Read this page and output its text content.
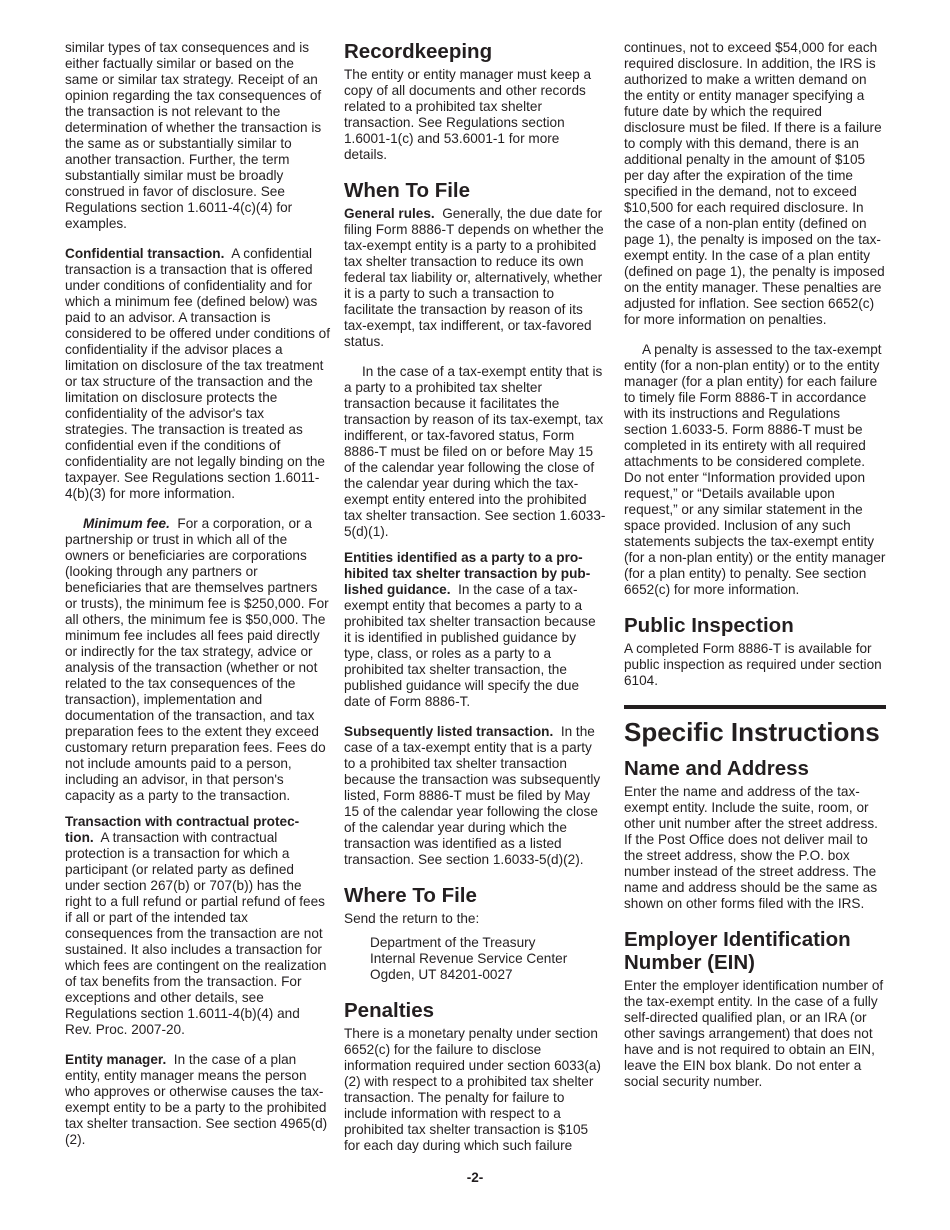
similar types of tax consequences and is either factually similar or based on the same or similar tax strategy. Receipt of an opinion regarding the tax consequences of the transaction is not relevant to the determination of whether the transaction is the same as or substantially similar to another transaction. Further, the term substantially similar must be broadly construed in favor of disclosure. See Regulations section 1.6011-4(c)(4) for examples.

Confidential transaction. A confidential transaction is a transaction that is offered under conditions of confidentiality and for which a minimum fee (defined below) was paid to an advisor. A transaction is considered to be offered under conditions of confidentiality if the advisor places a limitation on disclosure of the tax treatment or tax structure of the transaction and the limitation on disclosure protects the confidentiality of the advisor's tax strategies. The transaction is treated as confidential even if the conditions of confidentiality are not legally binding on the taxpayer. See Regulations section 1.6011-4(b)(3) for more information.

Minimum fee. For a corporation, or a partnership or trust in which all of the owners or beneficiaries are corporations (looking through any partners or beneficiaries that are themselves partners or trusts), the minimum fee is $250,000. For all others, the minimum fee is $50,000. The minimum fee includes all fees paid directly or indirectly for the tax strategy, advice or analysis of the transaction (whether or not related to the tax consequences of the transaction), implementation and documentation of the transaction, and tax preparation fees to the extent they exceed customary return preparation fees. Fees do not include amounts paid to a person, including an advisor, in that person's capacity as a party to the transaction.

Transaction with contractual protec-tion. A transaction with contractual protection is a transaction for which a participant (or related party as defined under section 267(b) or 707(b)) has the right to a full refund or partial refund of fees if all or part of the intended tax consequences from the transaction are not sustained. It also includes a transaction for which fees are contingent on the realization of tax benefits from the transaction. For exceptions and other details, see Regulations section 1.6011-4(b)(4) and Rev. Proc. 2007-20.

Entity manager. In the case of a plan entity, entity manager means the person who approves or otherwise causes the tax-exempt entity to be a party to the prohibited tax shelter transaction. See section 4965(d)(2).

Recordkeeping

The entity or entity manager must keep a copy of all documents and other records related to a prohibited tax shelter transaction. See Regulations section 1.6001-1(c) and 53.6001-1 for more details.

When To File

General rules. Generally, the due date for filing Form 8886-T depends on whether the tax-exempt entity is a party to a prohibited tax shelter transaction to reduce its own federal tax liability or, alternatively, whether it is a party to such a transaction to facilitate the transaction by reason of its tax-exempt, tax indifferent, or tax-favored status.

In the case of a tax-exempt entity that is a party to a prohibited tax shelter transaction because it facilitates the transaction by reason of its tax-exempt, tax indifferent, or tax-favored status, Form 8886-T must be filed on or before May 15 of the calendar year following the close of the calendar year during which the tax-exempt entity entered into the prohibited tax shelter transaction. See section 1.6033-5(d)(1).

Entities identified as a party to a pro-hibited tax shelter transaction by pub-lished guidance. In the case of a tax-exempt entity that becomes a party to a prohibited tax shelter transaction because it is identified in published guidance by type, class, or roles as a party to a prohibited tax shelter transaction, the published guidance will specify the due date of Form 8886-T.

Subsequently listed transaction. In the case of a tax-exempt entity that is a party to a prohibited tax shelter transaction because the transaction was subsequently listed, Form 8886-T must be filed by May 15 of the calendar year following the close of the calendar year during which the transaction was identified as a listed transaction. See section 1.6033-5(d)(2).

Where To File

Send the return to the:

Department of the Treasury
Internal Revenue Service Center
Ogden, UT 84201-0027
Penalties

There is a monetary penalty under section 6652(c) for the failure to disclose information required under section 6033(a)(2) with respect to a prohibited tax shelter transaction. The penalty for failure to include information with respect to a prohibited tax shelter transaction is $105 for each day during which such failure

continues, not to exceed $54,000 for each required disclosure. In addition, the IRS is authorized to make a written demand on the entity or entity manager specifying a future date by which the required disclosure must be filed. If there is a failure to comply with this demand, there is an additional penalty in the amount of $105 per day after the expiration of the time specified in the demand, not to exceed $10,500 for each required disclosure. In the case of a non-plan entity (defined on page 1), the penalty is imposed on the tax-exempt entity. In the case of a plan entity (defined on page 1), the penalty is imposed on the entity manager. These penalties are adjusted for inflation. See section 6652(c) for more information on penalties.

A penalty is assessed to the tax-exempt entity (for a non-plan entity) or to the entity manager (for a plan entity) for each failure to timely file Form 8886-T in accordance with its instructions and Regulations section 1.6033-5. Form 8886-T must be completed in its entirety with all required attachments to be considered complete. Do not enter “Information provided upon request,” or “Details available upon request,” or any similar statement in the space provided. Inclusion of any such statements subjects the tax-exempt entity (for a non-plan entity) or the entity manager (for a plan entity) to penalty. See section 6652(c) for more information.

Public Inspection

A completed Form 8886-T is available for public inspection as required under section 6104.

Specific Instructions
Name and Address

Enter the name and address of the tax-exempt entity. Include the suite, room, or other unit number after the street address. If the Post Office does not deliver mail to the street address, show the P.O. box number instead of the street address. The name and address should be the same as shown on other forms filed with the IRS.

Employer Identification Number (EIN)

Enter the employer identification number of the tax-exempt entity. In the case of a fully self-directed qualified plan, or an IRA (or other savings arrangement) that does not have and is not required to obtain an EIN, leave the EIN box blank. Do not enter a social security number.

-2-
